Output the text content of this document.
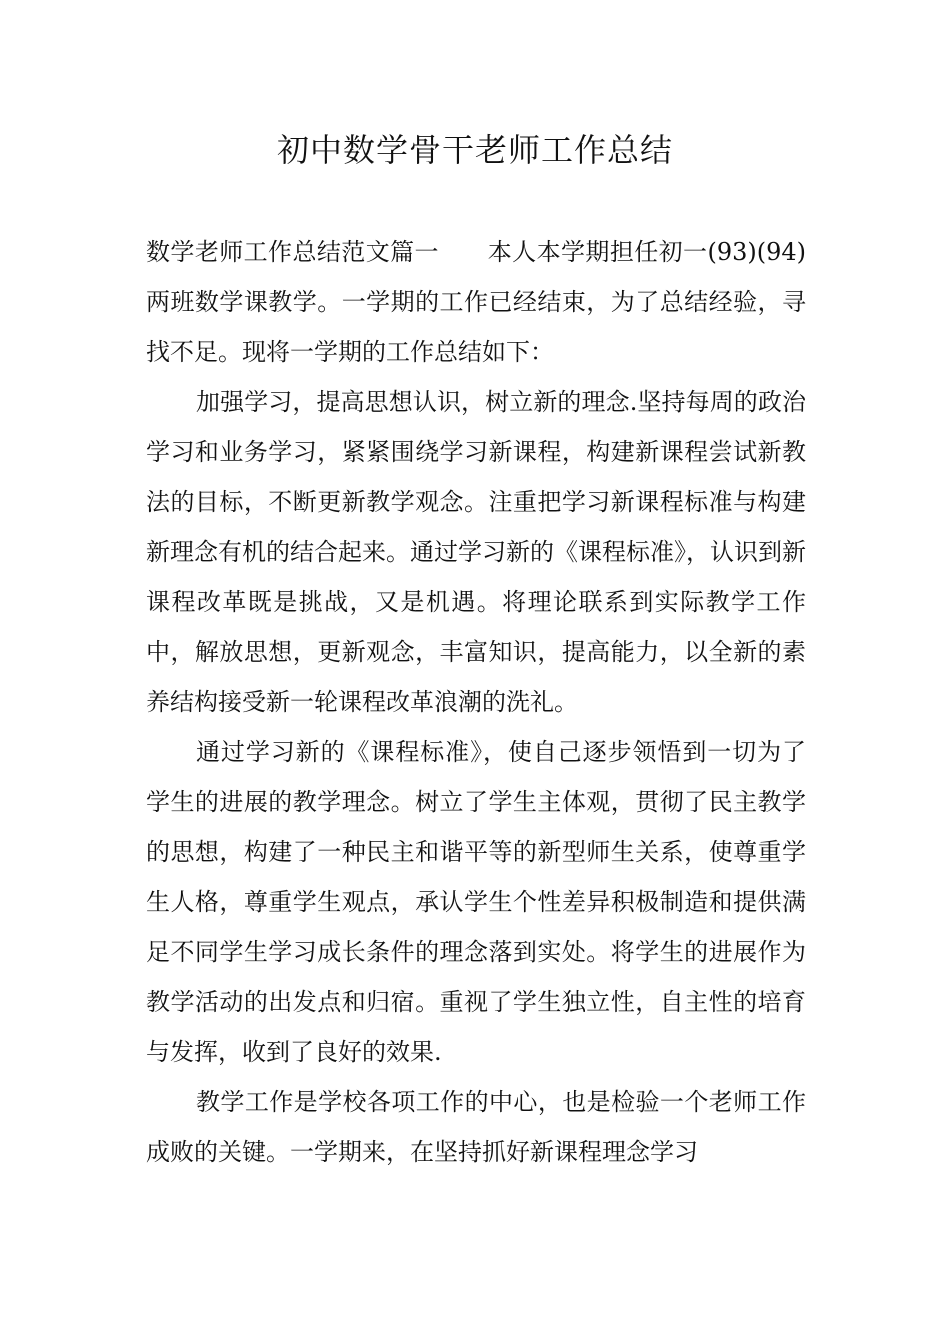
初中数学骨干老师工作总结

数学老师工作总结范文篇一　　本人本学期担任初一(93)(94)两班数学课教学。一学期的工作已经结束，为了总结经验，寻找不足。现将一学期的工作总结如下：

加强学习，提高思想认识，树立新的理念.坚持每周的政治学习和业务学习，紧紧围绕学习新课程，构建新课程尝试新教法的目标，不断更新教学观念。注重把学习新课程标准与构建新理念有机的结合起来。通过学习新的《课程标准》，认识到新课程改革既是挑战，又是机遇。将理论联系到实际教学工作中，解放思想，更新观念，丰富知识，提高能力，以全新的素养结构接受新一轮课程改革浪潮的洗礼。

通过学习新的《课程标准》，使自己逐步领悟到一切为了学生的进展的教学理念。树立了学生主体观，贯彻了民主教学的思想，构建了一种民主和谐平等的新型师生关系，使尊重学生人格，尊重学生观点，承认学生个性差异积极制造和提供满足不同学生学习成长条件的理念落到实处。将学生的进展作为教学活动的出发点和归宿。重视了学生独立性，自主性的培育与发挥，收到了良好的效果.

教学工作是学校各项工作的中心，也是检验一个老师工作成败的关键。一学期来，在坚持抓好新课程理念学习
